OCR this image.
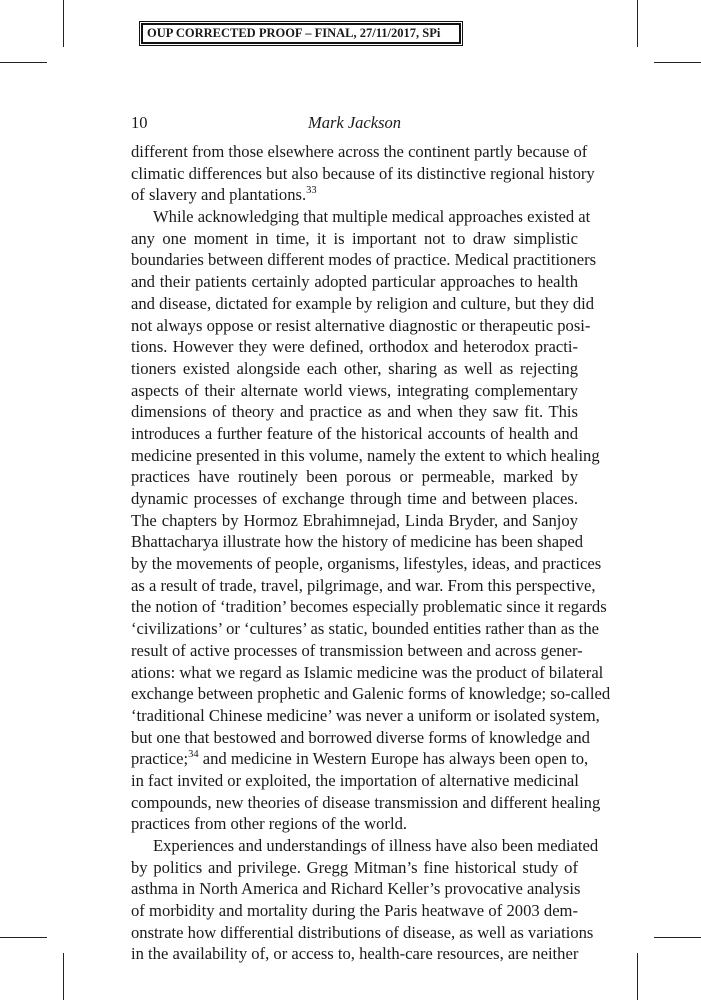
OUP CORRECTED PROOF – FINAL, 27/11/2017, SPi
10	Mark Jackson
different from those elsewhere across the continent partly because of
climatic differences but also because of its distinctive regional history
of slavery and plantations.$^{33}$
While acknowledging that multiple medical approaches existed at
any one moment in time, it is important not to draw simplistic
boundaries between different modes of practice. Medical practitioners
and their patients certainly adopted particular approaches to health
and disease, dictated for example by religion and culture, but they did
not always oppose or resist alternative diagnostic or therapeutic posi-
tions. However they were defined, orthodox and heterodox practi-
tioners existed alongside each other, sharing as well as rejecting
aspects of their alternate world views, integrating complementary
dimensions of theory and practice as and when they saw fit. This
introduces a further feature of the historical accounts of health and
medicine presented in this volume, namely the extent to which healing
practices have routinely been porous or permeable, marked by
dynamic processes of exchange through time and between places.
The chapters by Hormoz Ebrahimnejad, Linda Bryder, and Sanjoy
Bhattacharya illustrate how the history of medicine has been shaped
by the movements of people, organisms, lifestyles, ideas, and practices
as a result of trade, travel, pilgrimage, and war. From this perspective,
the notion of ‘tradition’ becomes especially problematic since it regards
‘civilizations’ or ‘cultures’ as static, bounded entities rather than as the
result of active processes of transmission between and across gener-
ations: what we regard as Islamic medicine was the product of bilateral
exchange between prophetic and Galenic forms of knowledge; so-called
‘traditional Chinese medicine’ was never a uniform or isolated system,
but one that bestowed and borrowed diverse forms of knowledge and
practice;$^{34}$ and medicine in Western Europe has always been open to,
in fact invited or exploited, the importation of alternative medicinal
compounds, new theories of disease transmission and different healing
practices from other regions of the world.
Experiences and understandings of illness have also been mediated
by politics and privilege. Gregg Mitman’s fine historical study of
asthma in North America and Richard Keller’s provocative analysis
of morbidity and mortality during the Paris heatwave of 2003 dem-
onstrate how differential distributions of disease, as well as variations
in the availability of, or access to, health-care resources, are neither
